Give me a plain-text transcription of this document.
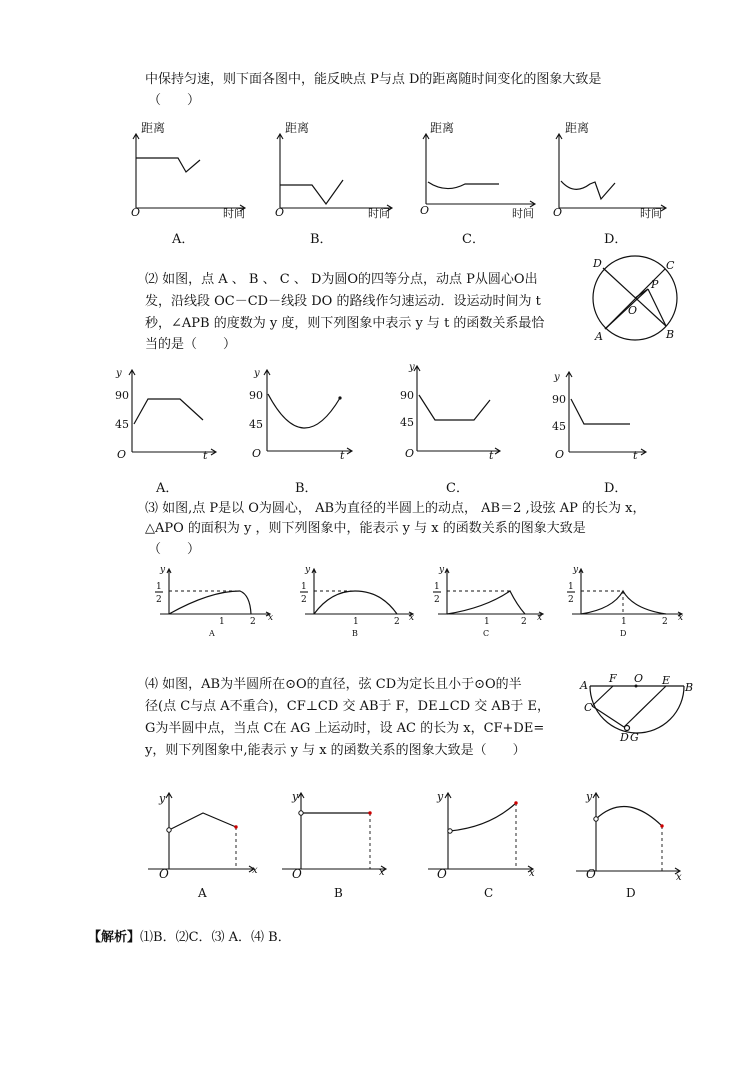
中保持匀速，则下面各图中，能反映点 P与点 D的距离随时间变化的图象大致是
（　　）
距离
O	时间
距离
O	时间
距离
O	时间
距离
O	时间
A．	B．	C．	D．
⑵ 如图，点 A 、 B 、 C 、 D为圆O的四等分点，动点 P从圆心O出
发，沿线段 OC－CD－线段 DO 的路线作匀速运动．设运动时间为 t
秒，∠APB 的度数为 y 度，则下列图象中表示 y 与 t 的函数关系最恰
当的是（　　）
D	C
P
O
A	B
y
90
45
O	t
y
90
45
O	t
y
90
45
O	t
y
90
45
O	t
A．	B．	C．	D．
⑶ 如图,点 P是以 O为圆心， AB为直径的半圆上的动点， AB＝2 ,设弦 AP 的长为 x，
△APO 的面积为 y ，则下列图象中，能表示 y 与 x 的函数关系的图象大致是
（　　）
y
1
2
1	2 x
A
y
1
2
1	2 x
B
y
1
2
1	2 x
C
y
1
2
1	2 x
D
⑷ 如图，AB为半圆所在⊙O的直径，弦 CD为定长且小于⊙O的半
径(点 C与点 A不重合)，CF⊥CD 交 AB于 F，DE⊥CD 交 AB于 E，
G为半圆中点，当点 C在 AG 上运动时，设 AC 的长为 x，CF+DE=
y，则下列图象中,能表示 y 与 x 的函数关系的图象大致是（　　）
A
F O E
B
C
D G
y
O	x
A
y
O	x
B
y
O	x
C
y
O	x
D
【解析】⑴B．⑵C．⑶ A．⑷ B．
